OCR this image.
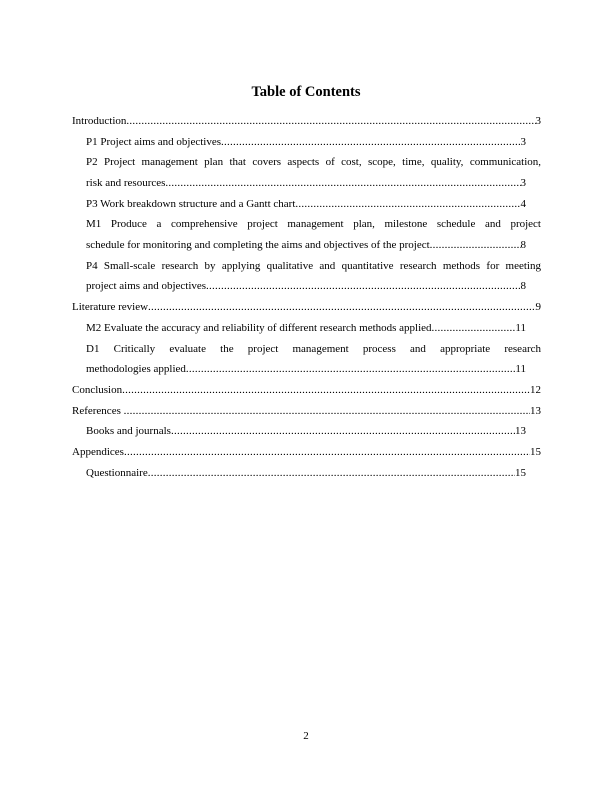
Table of Contents
Introduction .....	3
P1 Project aims and objectives .....	3
P2 Project management plan that covers aspects of cost, scope, time, quality, communication,
risk and resources .....	3
P3 Work breakdown structure and a Gantt chart .....	4
M1 Produce a comprehensive project management plan, milestone schedule and project
schedule for monitoring and completing the aims and objectives of the project .....	8
P4 Small-scale research by applying qualitative and quantitative research methods for meeting
project aims and objectives .....	8
Literature review .....	9
M2 Evaluate the accuracy and reliability of different research methods applied .....	11
D1 Critically evaluate the project management process and appropriate research
methodologies applied .....	11
Conclusion .....	12
References .....	13
Books and journals .....	13
Appendices .....	15
Questionnaire .....	15
2
